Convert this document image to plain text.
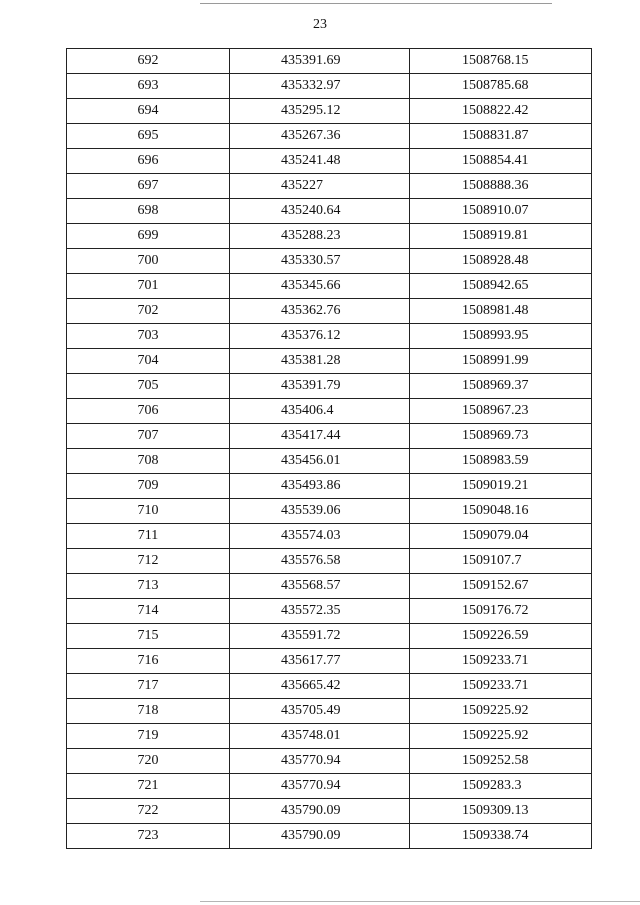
23
692	435391.69	1508768.15
693	435332.97	1508785.68
694	435295.12	1508822.42
695	435267.36	1508831.87
696	435241.48	1508854.41
697	435227	1508888.36
698	435240.64	1508910.07
699	435288.23	1508919.81
700	435330.57	1508928.48
701	435345.66	1508942.65
702	435362.76	1508981.48
703	435376.12	1508993.95
704	435381.28	1508991.99
705	435391.79	1508969.37
706	435406.4	1508967.23
707	435417.44	1508969.73
708	435456.01	1508983.59
709	435493.86	1509019.21
710	435539.06	1509048.16
711	435574.03	1509079.04
712	435576.58	1509107.7
713	435568.57	1509152.67
714	435572.35	1509176.72
715	435591.72	1509226.59
716	435617.77	1509233.71
717	435665.42	1509233.71
718	435705.49	1509225.92
719	435748.01	1509225.92
720	435770.94	1509252.58
721	435770.94	1509283.3
722	435790.09	1509309.13
723	435790.09	1509338.74
